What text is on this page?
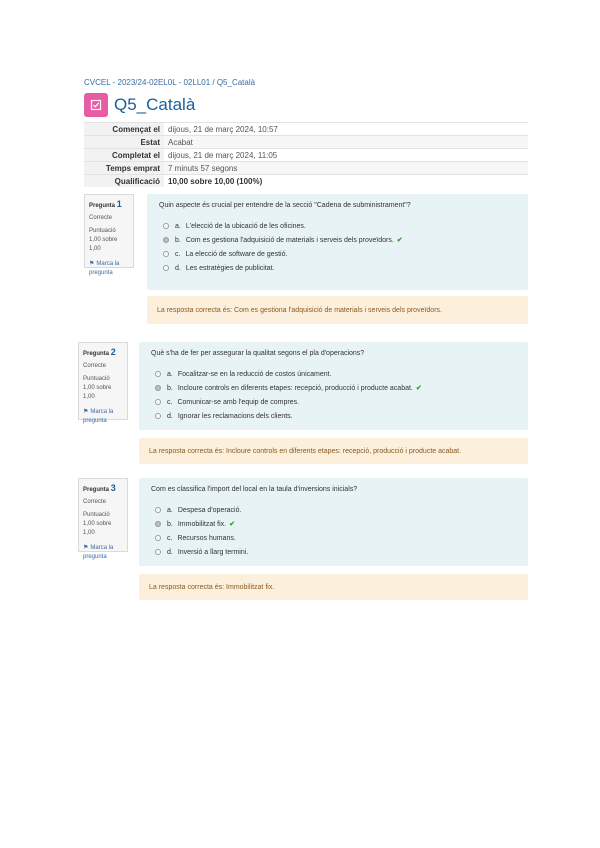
CVCEL - 2023/24-02EL0L - 02LL01 / Q5_Català
Q5_Català
Començat el	dijous, 21 de març 2024, 10:57
Estat	Acabat
Completat el	dijous, 21 de març 2024, 11:05
Temps emprat	7 minuts 57 segons
Qualificació	10,00 sobre 10,00 (100%)
Pregunta 1
Correcte
Puntuació 1,00 sobre 1,00
⚑ Marca la pregunta
Quin aspecte és crucial per entendre de la secció "Cadena de subministrament"?
a. L'elecció de la ubicació de les oficines.
b. Com es gestiona l'adquisició de materials i serveis dels proveïdors. ✔
c. La elecció de software de gestió.
d. Les estratègies de publicitat.
La resposta correcta és: Com es gestiona l'adquisició de materials i serveis dels proveïdors.
Pregunta 2
Correcte
Puntuació 1,00 sobre 1,00
⚑ Marca la pregunta
Què s'ha de fer per assegurar la qualitat segons el pla d'operacions?
a. Focalitzar-se en la reducció de costos únicament.
b. Incloure controls en diferents etapes: recepció, producció i producte acabat. ✔
c. Comunicar-se amb l'equip de compres.
d. Ignorar les reclamacions dels clients.
La resposta correcta és: Incloure controls en diferents etapes: recepció, producció i producte acabat.
Pregunta 3
Correcte
Puntuació 1,00 sobre 1,00
⚑ Marca la pregunta
Com es classifica l'import del local en la taula d'inversions inicials?
a. Despesa d'operació.
b. Immobilitzat fix. ✔
c. Recursos humans.
d. Inversió a llarg termini.
La resposta correcta és: Immobilitzat fix.
